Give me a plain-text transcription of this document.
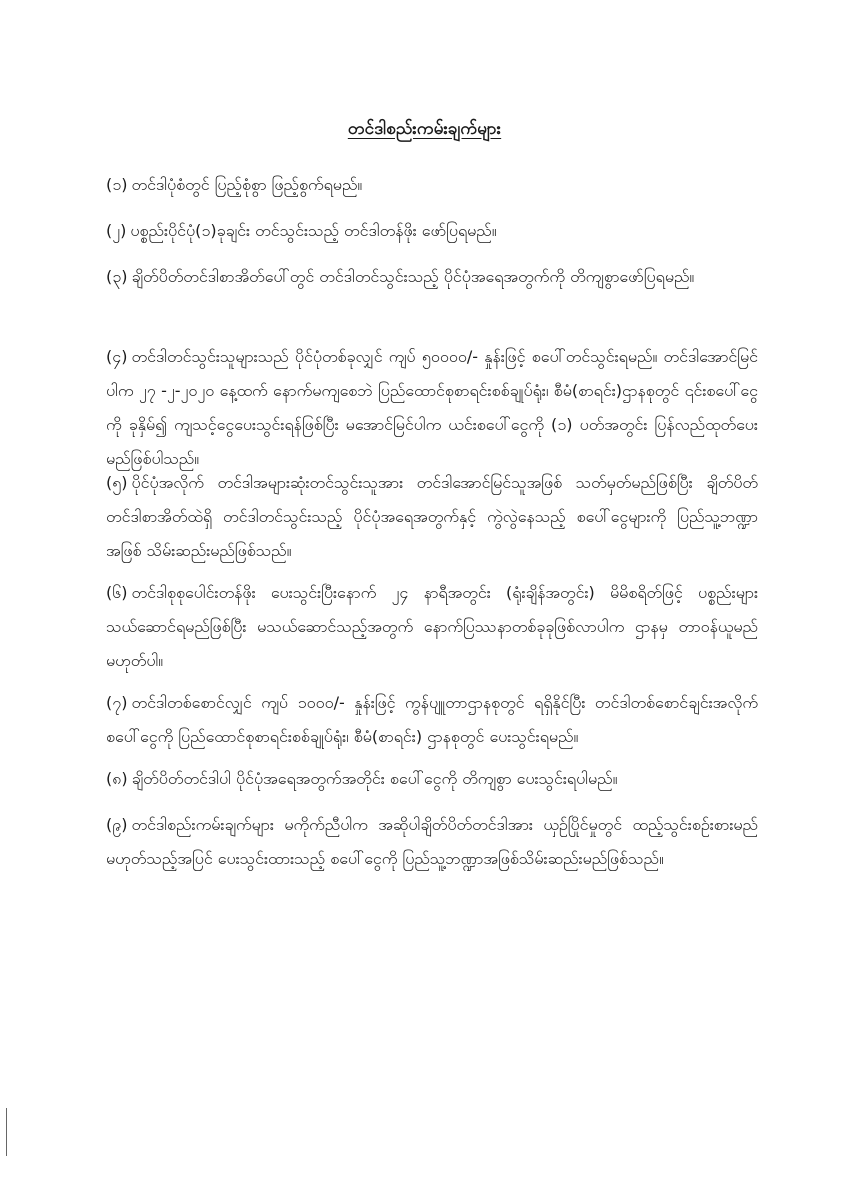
တင်ဒါစည်းကမ်းချက်များ
(၁) တင်ဒါပုံစံတွင် ပြည့်စုံစွာ ဖြည့်စွက်ရမည်။
(၂) ပစ္စည်းပိုင်ပုံ(၁)ခုချင်း တင်သွင်းသည့် တင်ဒါတန်ဖိုး ဖော်ပြရမည်။
(၃) ချိတ်ပိတ်တင်ဒါစာအိတ်ပေါ်တွင် တင်ဒါတင်သွင်းသည့် ပိုင်ပုံအရေအတွက်ကို တိကျစွာဖော်ပြရမည်။
(၄) တင်ဒါတင်သွင်းသူများသည် ပိုင်ပုံတစ်ခုလျှင် ကျပ် ၅၀၀၀၀/- နှုန်းဖြင့် စပေါ်တင်သွင်းရမည်။ တင်ဒါအောင်မြင်ပါက ၂၇ -၂-၂၀၂၀ နေ့ထက် နောက်မကျစေဘဲ ပြည်ထောင်စုစာရင်းစစ်ချုပ်ရုံး၊ စီမံ(စာရင်း)ဌာနစုတွင် ၎င်းစပေါ်ငွေကို ခုနှိမ်၍ ကျသင့်ငွေပေးသွင်းရန်ဖြစ်ပြီး မအောင်မြင်ပါက ယင်းစပေါ်ငွေကို (၁) ပတ်အတွင်း ပြန်လည်ထုတ်ပေးမည်ဖြစ်ပါသည်။
(၅) ပိုင်ပုံအလိုက် တင်ဒါအများဆုံးတင်သွင်းသူအား တင်ဒါအောင်မြင်သူအဖြစ် သတ်မှတ်မည်ဖြစ်ပြီး ချိတ်ပိတ်တင်ဒါစာအိတ်ထဲရှိ တင်ဒါတင်သွင်းသည့် ပိုင်ပုံအရေအတွက်နှင့် ကွဲလွဲနေသည့် စပေါ်ငွေများကို ပြည်သူ့ဘဏ္ဍာအဖြစ် သိမ်းဆည်းမည်ဖြစ်သည်။
(၆) တင်ဒါစုစုပေါင်းတန်ဖိုး ပေးသွင်းပြီးနောက် ၂၄ နာရီအတွင်း (ရုံးချိန်အတွင်း) မိမိစရိတ်ဖြင့် ပစ္စည်းများ သယ်ဆောင်ရမည်ဖြစ်ပြီး မသယ်ဆောင်သည့်အတွက် နောက်ပြဿနာတစ်ခုခုဖြစ်လာပါက ဌာနမှ တာဝန်ယူမည်မဟုတ်ပါ။
(၇) တင်ဒါတစ်စောင်လျှင် ကျပ် ၁၀၀၀/- နှုန်းဖြင့် ကွန်ပျူတာဌာနစုတွင် ရရှိနိုင်ပြီး တင်ဒါတစ်စောင်ချင်းအလိုက်စပေါ်ငွေကို ပြည်ထောင်စုစာရင်းစစ်ချုပ်ရုံး၊ စီမံ(စာရင်း) ဌာနစုတွင် ပေးသွင်းရမည်။
(၈) ချိတ်ပိတ်တင်ဒါပါ ပိုင်ပုံအရေအတွက်အတိုင်း စပေါ်ငွေကို တိကျစွာ ပေးသွင်းရပါမည်။
(၉) တင်ဒါစည်းကမ်းချက်များ မကိုက်ညီပါက အဆိုပါချိတ်ပိတ်တင်ဒါအား ယှဉ်ပြိုင်မှုတွင် ထည့်သွင်းစဉ်းစားမည်မဟုတ်သည့်အပြင် ပေးသွင်းထားသည့် စပေါ်ငွေကို ပြည်သူ့ဘဏ္ဍာအဖြစ်သိမ်းဆည်းမည်ဖြစ်သည်။
